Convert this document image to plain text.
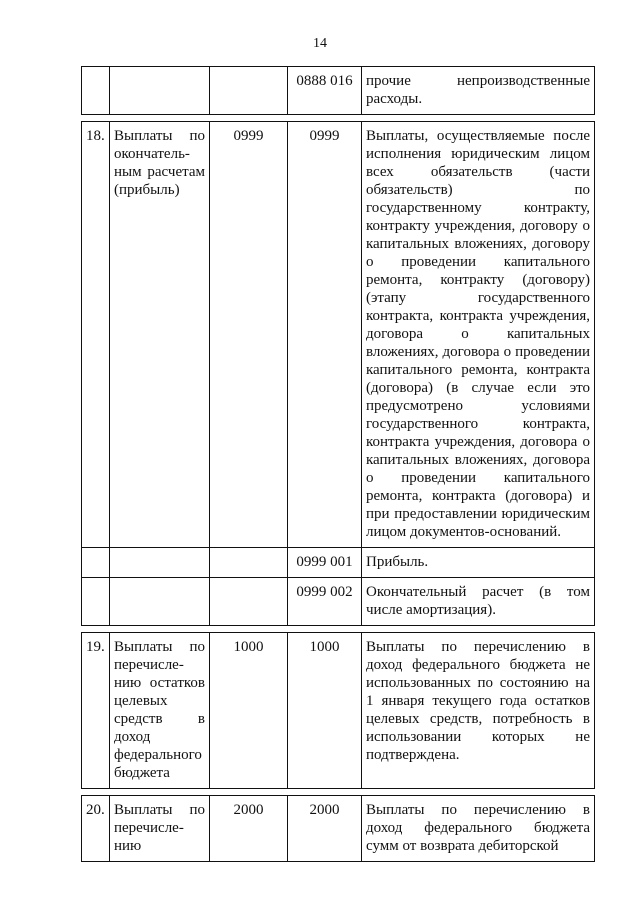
14
			0888 016	прочие непроизводственные расходы.

18.	Выплаты по окончатель-ным расчетам (прибыль)	0999	0999	Выплаты, осуществляемые после исполнения юридическим лицом всех обязательств (части обязательств) по государственному контракту, контракту учреждения, договору о капитальных вложениях, договору о проведении капитального ремонта, контракту (договору) (этапу государственного контракта, контракта учреждения, договора о капитальных вложениях, договора о проведении капитального ремонта, контракта (договора) (в случае если это предусмотрено условиями государственного контракта, контракта учреждения, договора о капитальных вложениях, договора о проведении капитального ремонта, контракта (договора) и при предоставлении юридическим лицом документов-оснований.
			0999 001	Прибыль.
			0999 002	Окончательный расчет (в том числе амортизация).

19.	Выплаты по перечисле-нию остатков целевых средств в доход федерального бюджета	1000	1000	Выплаты по перечислению в доход федерального бюджета не использованных по состоянию на 1 января текущего года остатков целевых средств, потребность в использовании которых не подтверждена.

20.	Выплаты по перечисле-нию	2000	2000	Выплаты по перечислению в доход федерального бюджета сумм от возврата дебиторской
